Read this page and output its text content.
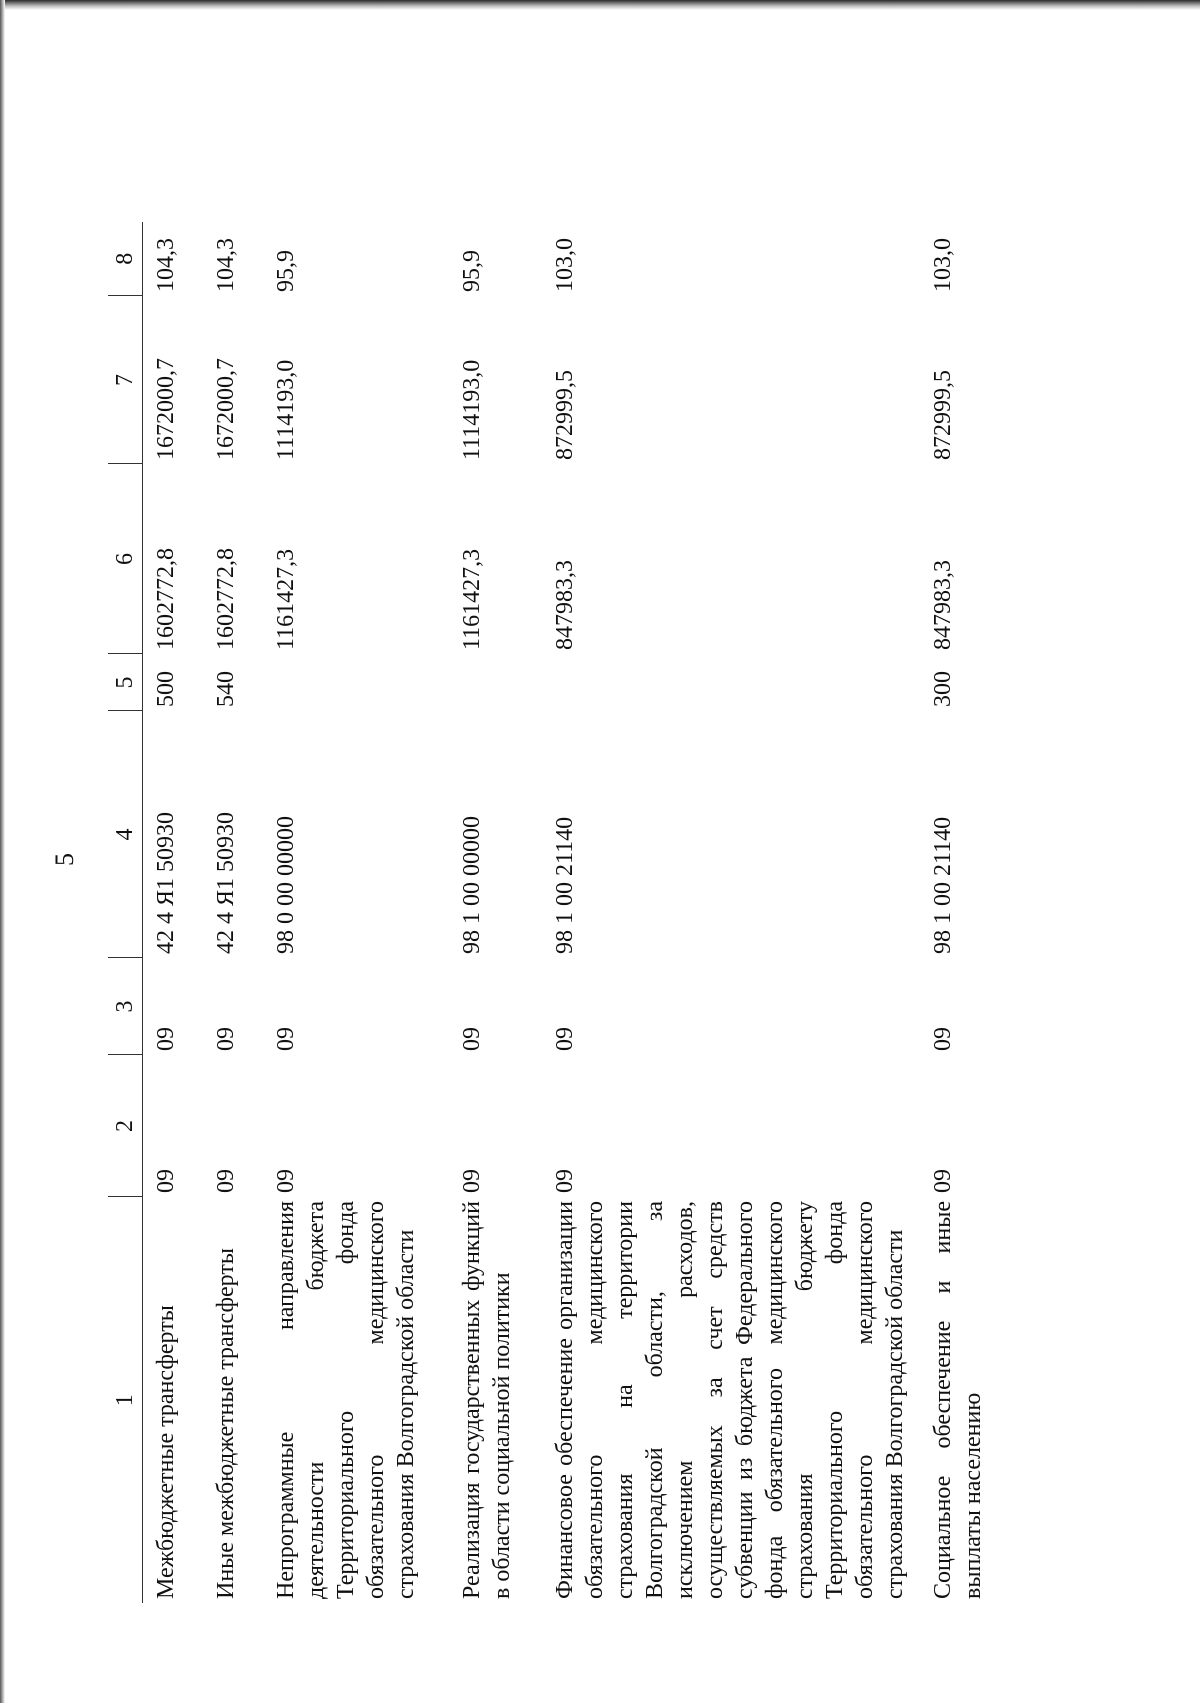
5
1	2	3	4	5	6	7	8
Межбюджетные трансферты	09	09	42 4 Я1 50930	500	1602772,8	1672000,7	104,3
Иные межбюджетные трансферты	09	09	42 4 Я1 50930	540	1602772,8	1672000,7	104,3
Непрограммные направления деятельности бюджета Территориального фонда обязательного медицинского страхования Волгоградской области	09	09	98 0 00 00000		1161427,3	1114193,0	95,9
Реализация государственных функций в области социальной политики	09	09	98 1 00 00000		1161427,3	1114193,0	95,9
Финансовое обеспечение организации обязательного медицинского страхования на территории Волгоградской области, за исключением расходов, осуществляемых за счет средств субвенции из бюджета Федерального фонда обязательного медицинского страхования бюджету Территориального фонда обязательного медицинского страхования Волгоградской области	09	09	98 1 00 21140		847983,3	872999,5	103,0
Социальное обеспечение и иные выплаты населению	09	09	98 1 00 21140	300	847983,3	872999,5	103,0
